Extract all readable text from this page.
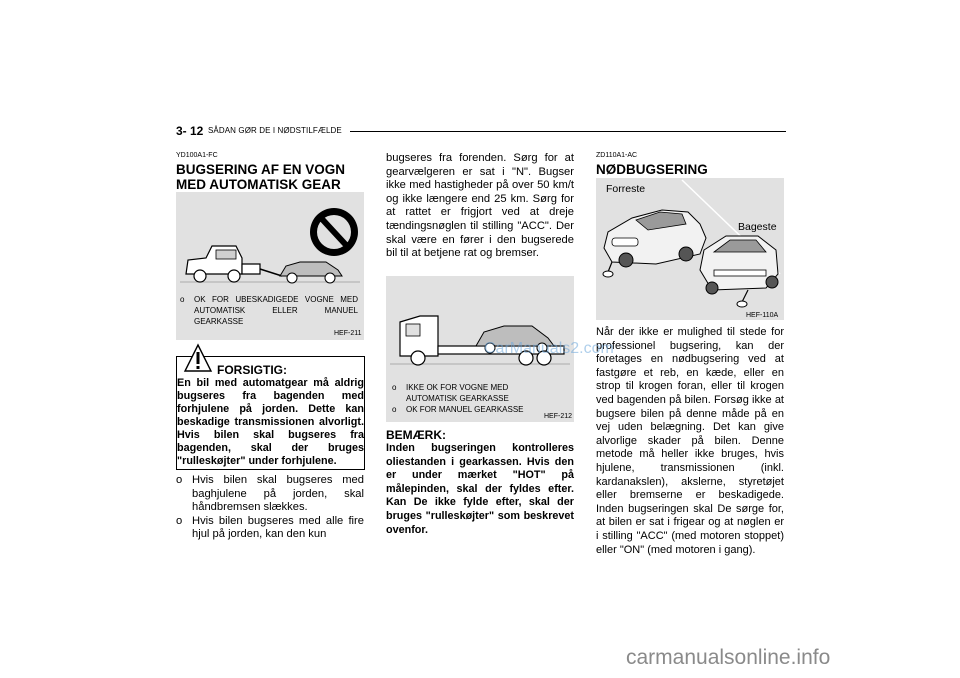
3- 12 SÅDAN GØR DE I NØDSTILFÆLDE
YD100A1-FC
BUGSERING AF EN VOGN MED AUTOMATISK GEAR
o OK FOR UBESKADIGEDE VOGNE MED AUTOMATISK ELLER MANUEL GEARKASSE
HEF-211
FORSIGTIG:
En bil med automatgear må aldrig bugseres fra bagenden med forhjulene på jorden. Dette kan beskadige transmissionen alvorligt. Hvis bilen skal bugseres fra bagenden, skal der bruges "rulleskøjter" under forhjulene.
o Hvis bilen skal bugseres med baghjulene på jorden, skal håndbremsen slækkes.
o Hvis bilen bugseres med alle fire hjul på jorden, kan den kun
bugseres fra forenden. Sørg for at gearvælgeren er sat i "N". Bugser ikke med hastigheder på over 50 km/t og ikke længere end 25 km. Sørg for at rattet er frigjort ved at dreje tændingsnøglen til stilling "ACC". Der skal være en fører i den bugserede bil til at betjene rat og bremser.
o IKKE OK FOR VOGNE MED AUTOMATISK GEARKASSE
o OK FOR MANUEL GEARKASSE
HEF-212
BEMÆRK:
Inden bugseringen kontrolleres oliestanden i gearkassen. Hvis den er under mærket "HOT" på målepinden, skal der fyldes efter. Kan De ikke fylde efter, skal der bruges "rulleskøjter" som beskrevet ovenfor.
ZD110A1-AC
NØDBUGSERING
Forreste
Bageste
HEF-110A
Når der ikke er mulighed til stede for professionel bugsering, kan der foretages en nødbugsering ved at fastgøre et reb, en kæde, eller en strop til krogen foran, eller til krogen ved bagenden på bilen. Forsøg ikke at bugsere bilen på denne måde på en vej uden belægning. Det kan give alvorlige skader på bilen. Denne metode må heller ikke bruges, hvis hjulene, transmissionen (inkl. kardanakslen), akslerne, styretøjet eller bremserne er beskadigede. Inden bugseringen skal De sørge for, at bilen er sat i frigear og at nøglen er i stilling "ACC" (med motoren stoppet) eller "ON" (med motoren i gang).
CarManuals2.com
carmanualsonline.info
